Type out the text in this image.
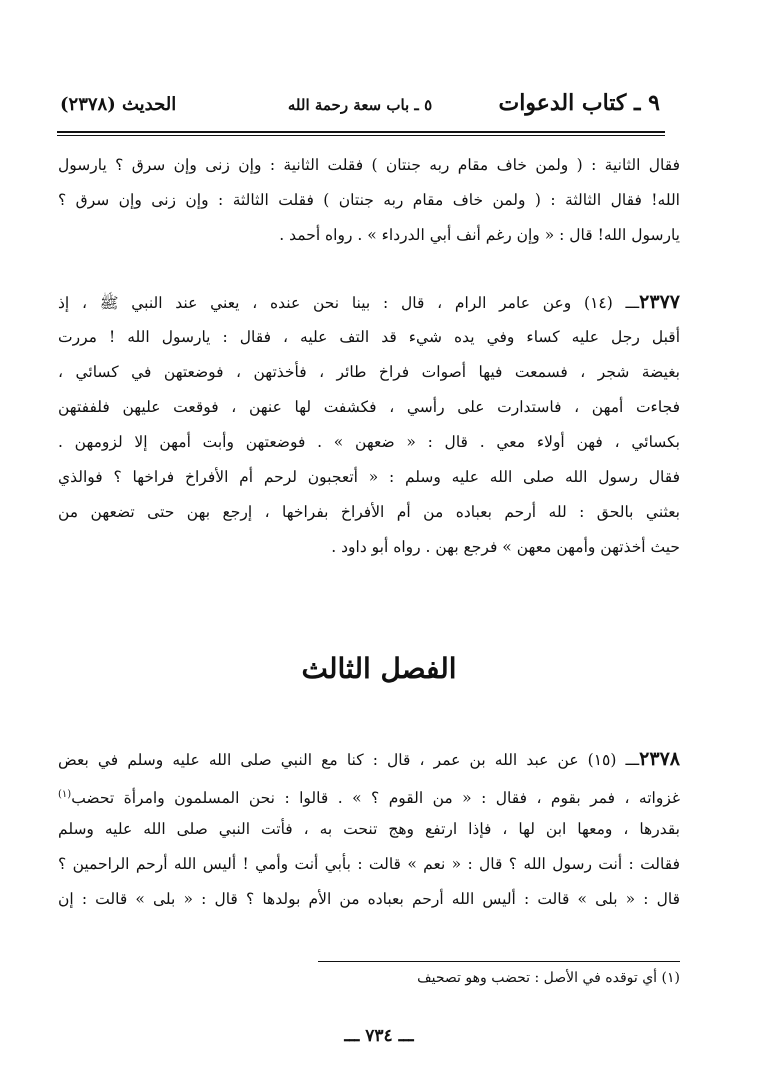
٩ ـ كتاب الدعوات
٥ ـ باب سعة رحمة الله
الحديث (٢٣٧٨)
فقال الثانية : ( ولمن خاف مقام ربه جنتان ) فقلت الثانية : وإن زنى وإن سرق ؟ يارسول
الله! فقال الثالثة : ( ولمن خاف مقام ربه جنتان ) فقلت الثالثة : وإن زنى وإن سرق ؟
يارسول الله! قال : « وإن رغم أنف أبي الدرداء » . رواه أحمد .
٢٣٧٧ـــ (١٤) وعن عامر الرام ، قال : بينا نحن عنده ، يعني عند النبي ﷺ ، إذ
أقبل رجل عليه كساء وفي يده شيء قد التف عليه ، فقال : يارسول الله ! مررت
بغيضة شجر ، فسمعت فيها أصوات فراخ طائر ، فأخذتهن ، فوضعتهن في كسائي ،
فجاءت أمهن ، فاستدارت على رأسي ، فكشفت لها عنهن ، فوقعت عليهن فلففتهن
بكسائي ، فهن أولاء معي . قال : « ضعهن » . فوضعتهن وأبت أمهن إلا لزومهن .
فقال رسول الله صلى الله عليه وسلم : « أتعجبون لرحم أم الأفراخ فراخها ؟ فوالذي
بعثني بالحق : لله أرحم بعباده من أم الأفراخ بفراخها ، إرجع بهن حتى تضعهن من
حيث أخذتهن وأمهن معهن » فرجع بهن . رواه أبو داود .
الفصل الثالث
٢٣٧٨ـــ (١٥) عن عبد الله بن عمر ، قال : كنا مع النبي صلى الله عليه وسلم في بعض
غزواته ، فمر بقوم ، فقال : « من القوم ؟ » . قالوا : نحن المسلمون وامرأة تحضب$^{(١)}$
بقدرها ، ومعها ابن لها ، فإذا ارتفع وهج تنحت به ، فأتت النبي صلى الله عليه وسلم
فقالت : أنت رسول الله ؟ قال : « نعم » قالت : بأبي أنت وأمي ! أليس الله أرحم الراحمين ؟
قال : « بلى » قالت : أليس الله أرحم بعباده من الأم بولدها ؟ قال : « بلى » قالت : إن
(١) أي توقده في الأصل : تحضب وهو تصحيف
ـــ ٧٣٤ ـــ
